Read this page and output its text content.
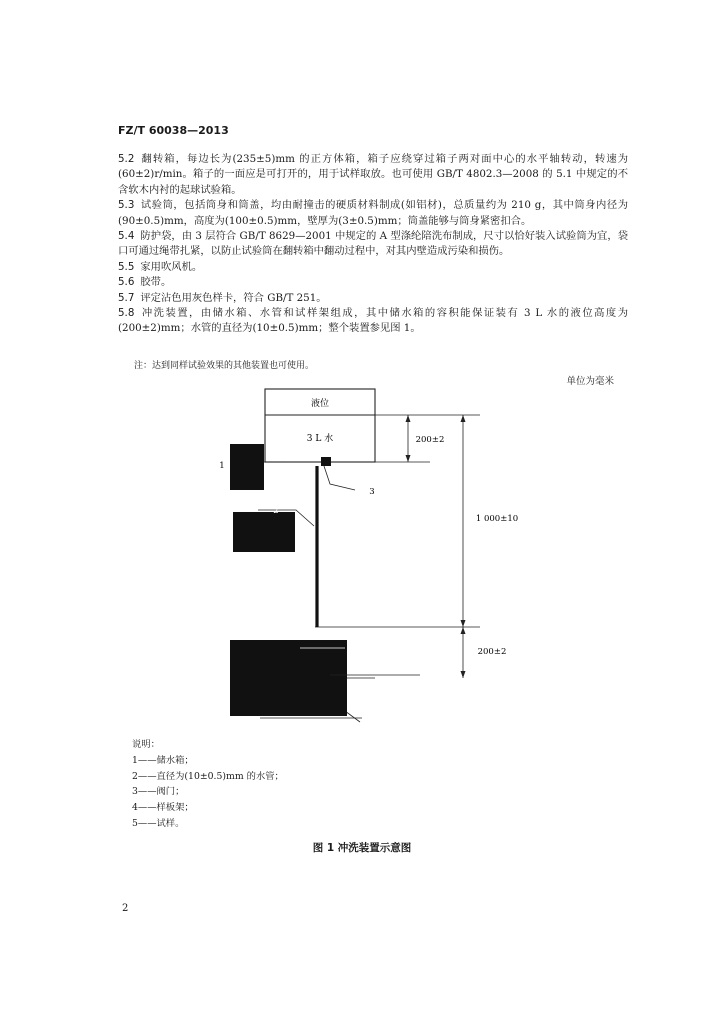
FZ/T 60038—2013
5.2 翻转箱，每边长为(235±5)mm 的正方体箱，箱子应绕穿过箱子两对面中心的水平轴转动，转速为(60±2)r/min。箱子的一面应是可打开的，用于试样取放。也可使用 GB/T 4802.3—2008 的 5.1 中规定的不含软木内衬的起球试验箱。
5.3 试验筒，包括筒身和筒盖，均由耐撞击的硬质材料制成(如铝材)，总质量约为 210 g，其中筒身内径为(90±0.5)mm，高度为(100±0.5)mm，壁厚为(3±0.5)mm；筒盖能够与筒身紧密扣合。
5.4 防护袋，由 3 层符合 GB/T 8629—2001 中规定的 A 型涤纶陪洗布制成，尺寸以恰好装入试验筒为宜，袋口可通过绳带扎紧，以防止试验筒在翻转箱中翻动过程中，对其内壁造成污染和损伤。
5.5 家用吹风机。
5.6 胶带。
5.7 评定沾色用灰色样卡，符合 GB/T 251。
5.8 冲洗装置，由储水箱、水管和试样架组成，其中储水箱的容积能保证装有 3 L 水的液位高度为(200±2)mm；水管的直径为(10±0.5)mm；整个装置参见图 1。
注：达到同样试验效果的其他装置也可使用。
单位为毫米
液位
3 L 水	200±2
1 000±10
200±2
1
2
3
5
说明：
1——储水箱；
2——直径为(10±0.5)mm 的水管；
3——阀门；
4——样板架；
5——试样。
图 1 冲洗装置示意图
2
